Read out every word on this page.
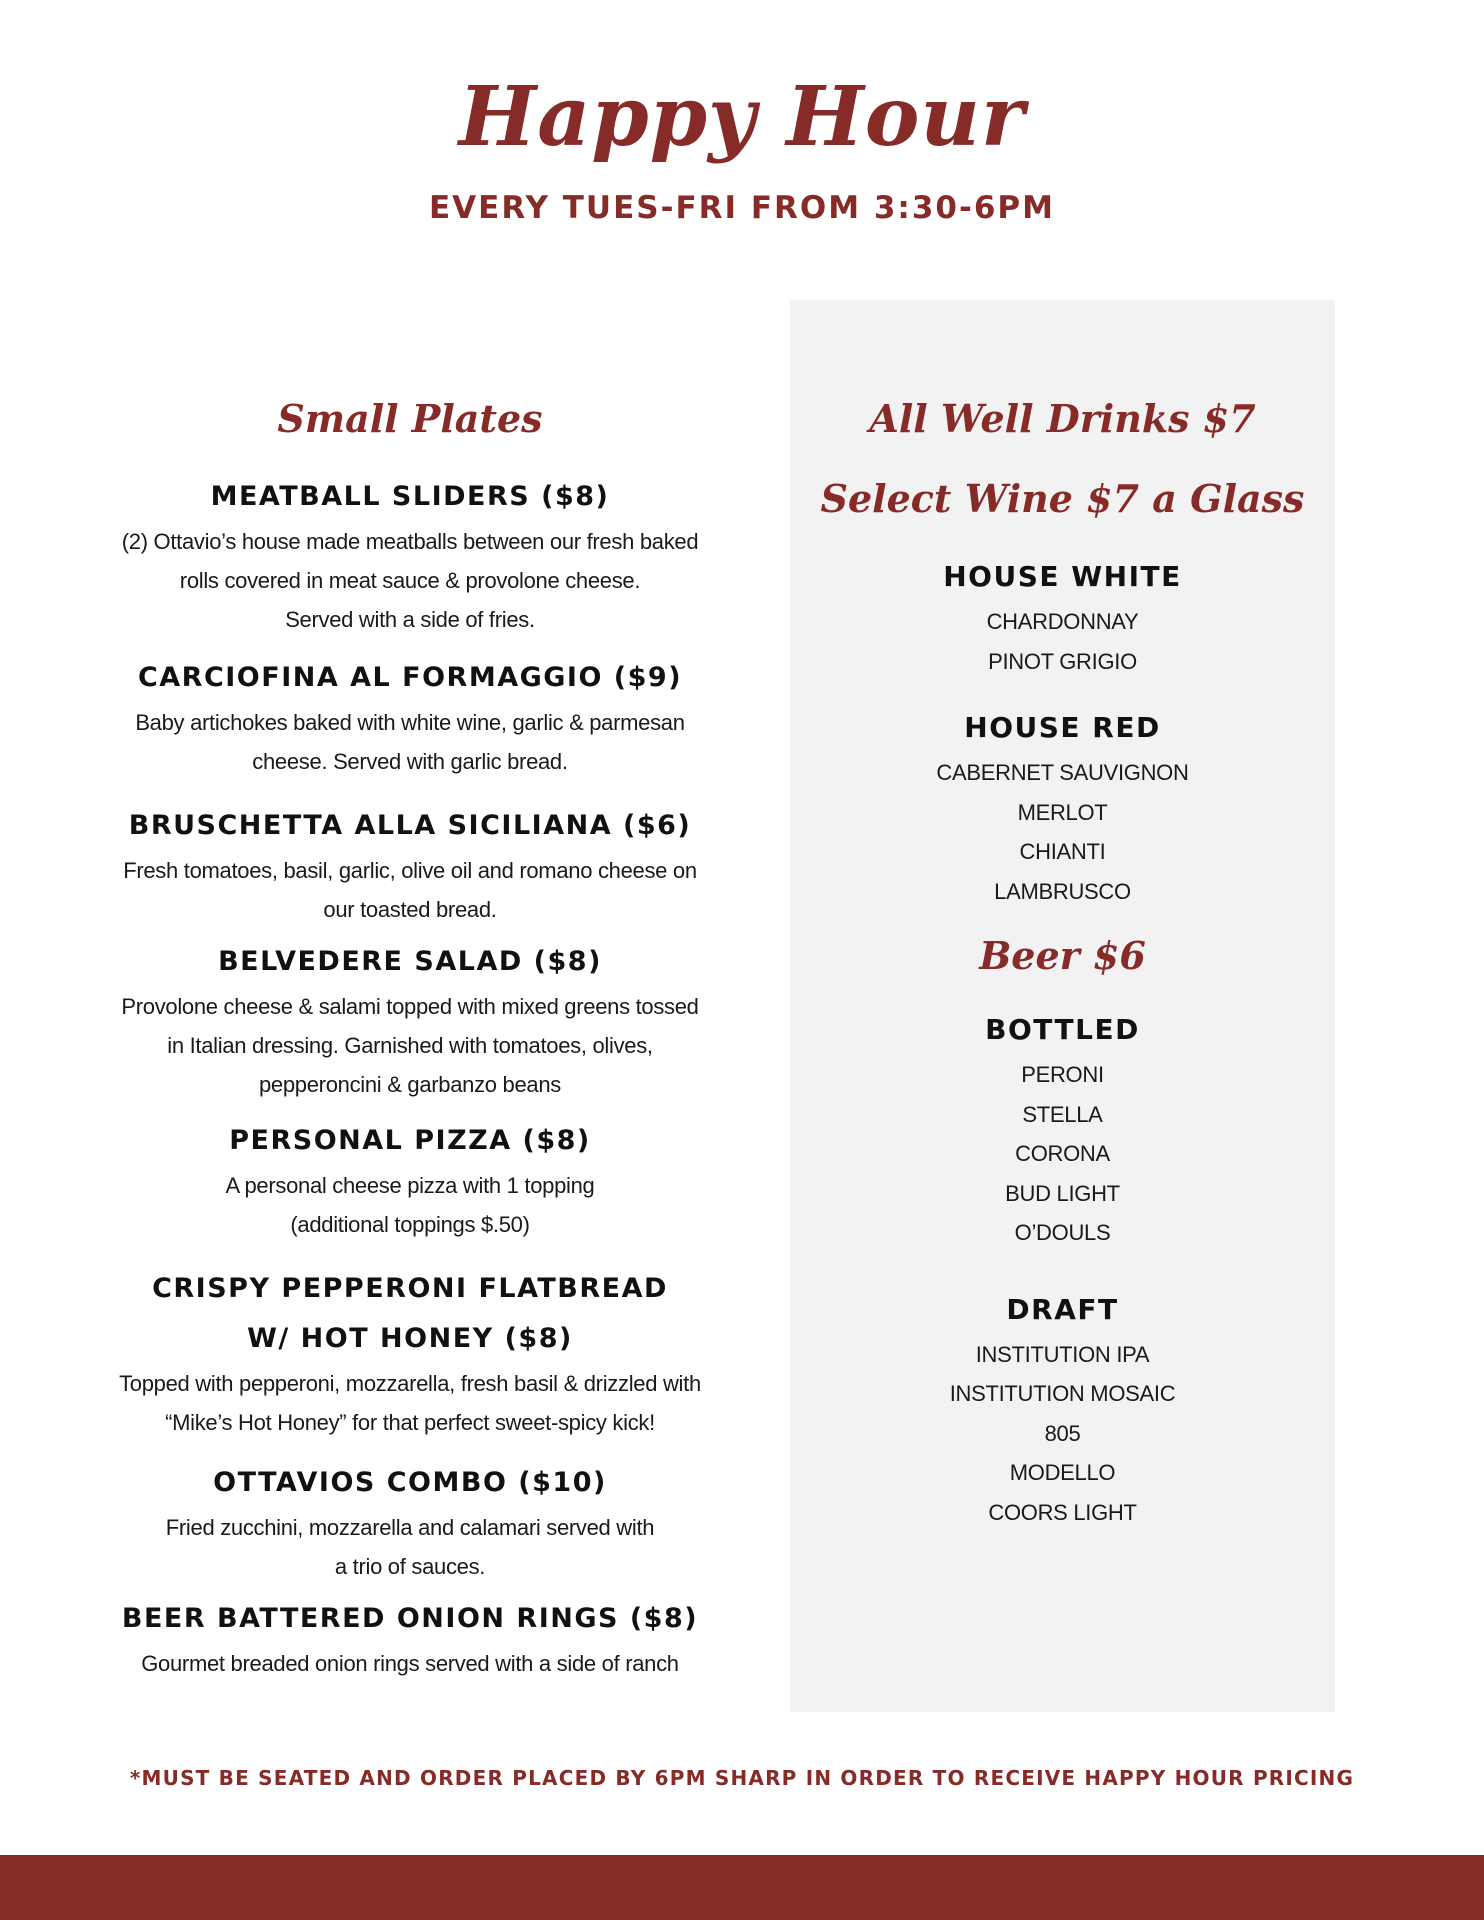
Happy Hour
EVERY TUES-FRI FROM 3:30-6PM
Small Plates
MEATBALL SLIDERS ($8)
(2) Ottavio’s house made meatballs between our fresh baked
rolls covered in meat sauce & provolone cheese.
Served with a side of fries.
CARCIOFINA AL FORMAGGIO ($9)
Baby artichokes baked with white wine, garlic & parmesan
cheese. Served with garlic bread.
BRUSCHETTA ALLA SICILIANA ($6)
Fresh tomatoes, basil, garlic, olive oil and romano cheese on
our toasted bread.
BELVEDERE SALAD ($8)
Provolone cheese & salami topped with mixed greens tossed
in Italian dressing. Garnished with tomatoes, olives,
pepperoncini & garbanzo beans
PERSONAL PIZZA ($8)
A personal cheese pizza with 1 topping
(additional toppings $.50)
CRISPY PEPPERONI FLATBREAD
W/ HOT HONEY ($8)
Topped with pepperoni, mozzarella, fresh basil & drizzled with
“Mike’s Hot Honey” for that perfect sweet-spicy kick!
OTTAVIOS COMBO ($10)
Fried zucchini, mozzarella and calamari served with
a trio of sauces.
BEER BATTERED ONION RINGS ($8)
Gourmet breaded onion rings served with a side of ranch
All Well Drinks $7
Select Wine $7 a Glass
HOUSE WHITE
CHARDONNAY
PINOT GRIGIO
HOUSE RED
CABERNET SAUVIGNON
MERLOT
CHIANTI
LAMBRUSCO
Beer $6
BOTTLED
PERONI
STELLA
CORONA
BUD LIGHT
O’DOULS
DRAFT
INSTITUTION IPA
INSTITUTION MOSAIC
805
MODELLO
COORS LIGHT
*MUST BE SEATED AND ORDER PLACED BY 6PM SHARP IN ORDER TO RECEIVE HAPPY HOUR PRICING
